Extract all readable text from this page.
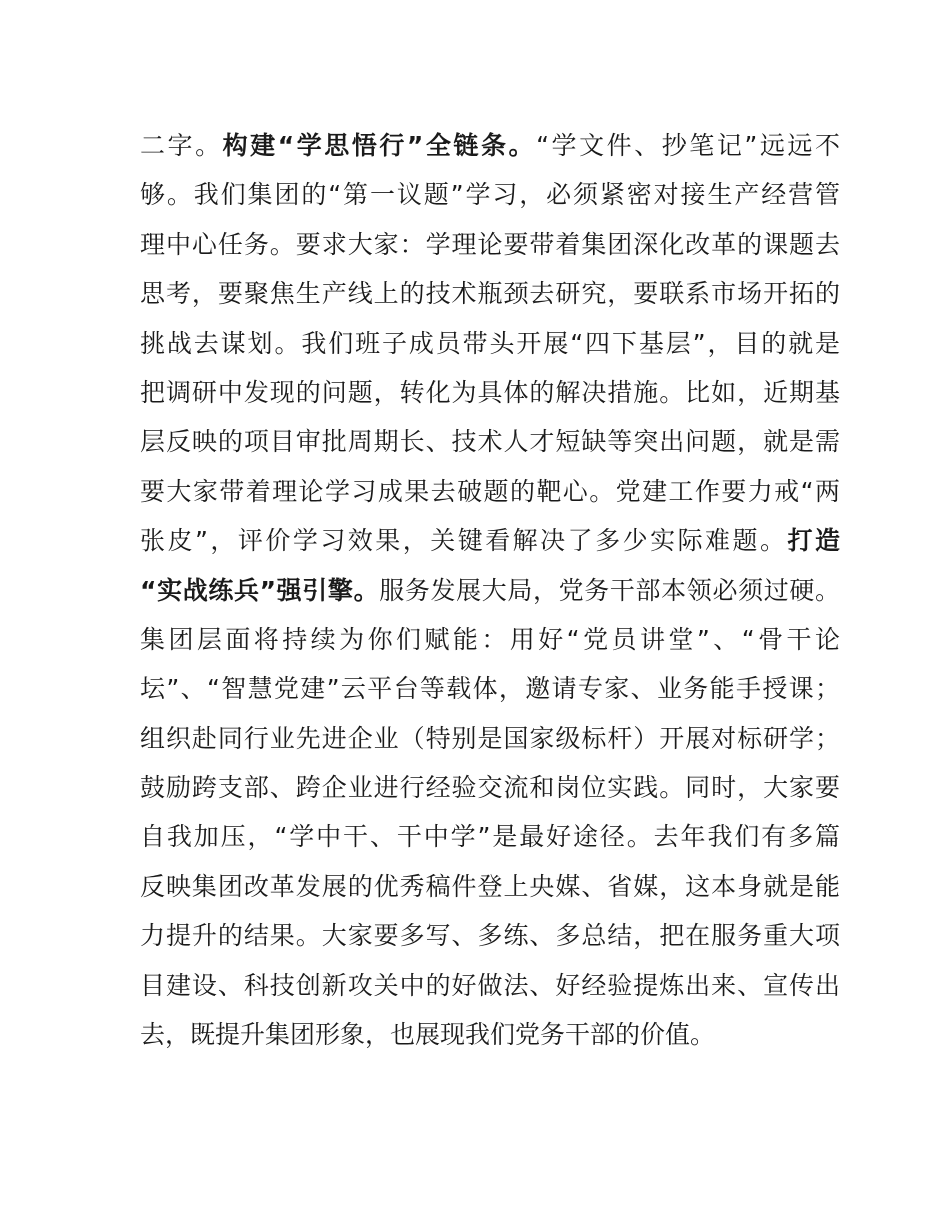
二字。构建“学思悟行”全链条。“学文件、抄笔记”远远不
够。我们集团的“第一议题”学习，必须紧密对接生产经营管
理中心任务。要求大家：学理论要带着集团深化改革的课题去
思考，要聚焦生产线上的技术瓶颈去研究，要联系市场开拓的
挑战去谋划。我们班子成员带头开展“四下基层”，目的就是
把调研中发现的问题，转化为具体的解决措施。比如，近期基
层反映的项目审批周期长、技术人才短缺等突出问题，就是需
要大家带着理论学习成果去破题的靶心。党建工作要力戒“两
张皮”，评价学习效果，关键看解决了多少实际难题。打造
“实战练兵”强引擎。服务发展大局，党务干部本领必须过硬。
集团层面将持续为你们赋能：用好“党员讲堂”、“骨干论
坛”、“智慧党建”云平台等载体，邀请专家、业务能手授课；
组织赴同行业先进企业（特别是国家级标杆）开展对标研学；
鼓励跨支部、跨企业进行经验交流和岗位实践。同时，大家要
自我加压，“学中干、干中学”是最好途径。去年我们有多篇
反映集团改革发展的优秀稿件登上央媒、省媒，这本身就是能
力提升的结果。大家要多写、多练、多总结，把在服务重大项
目建设、科技创新攻关中的好做法、好经验提炼出来、宣传出
去，既提升集团形象，也展现我们党务干部的价值。
